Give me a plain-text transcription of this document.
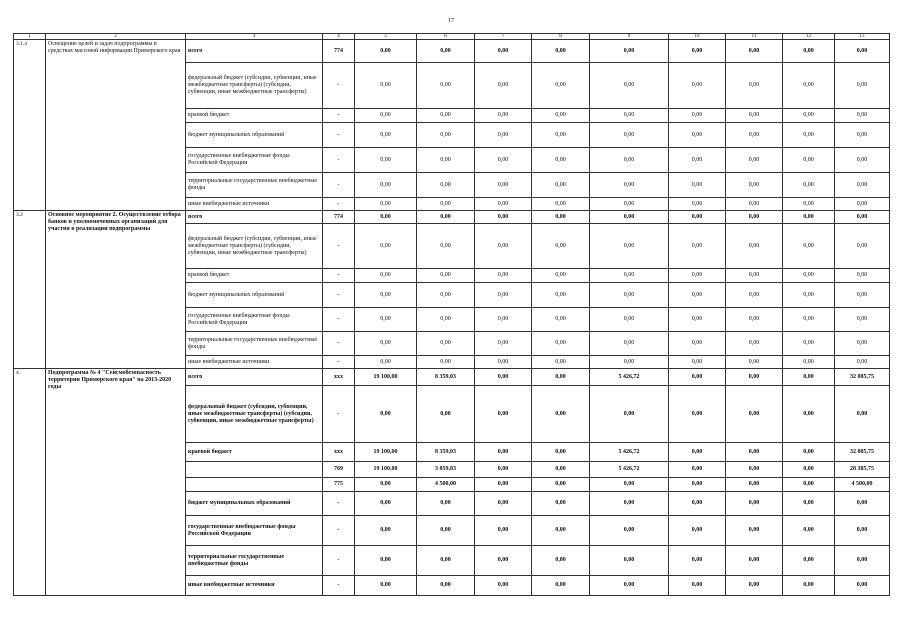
17
1	2	3	4	5	6	7	8	9	10	11	12	13
3.1.4	Освещение целей и задач подпрограммы в средствах массовой информации Приморского края	всего	774	0,00	0,00	0,00	0,00	0,00	0,00	0,00	0,00	0,00
		федеральный бюджет (субсидии, субвенции, иные межбюджетные трансферты) (субсидии, субвенции, иные межбюджетные трансферты)	-	0,00	0,00	0,00	0,00	0,00	0,00	0,00	0,00	0,00
		краевой бюджет	-	0,00	0,00	0,00	0,00	0,00	0,00	0,00	0,00	0,00
		бюджет муниципальных образований	-	0,00	0,00	0,00	0,00	0,00	0,00	0,00	0,00	0,00
		государственные внебюджетные фонды Российской Федерации	-	0,00	0,00	0,00	0,00	0,00	0,00	0,00	0,00	0,00
		территориальные государственные внебюджетные фонды	-	0,00	0,00	0,00	0,00	0,00	0,00	0,00	0,00	0,00
		иные внебюджетные источники	-	0,00	0,00	0,00	0,00	0,00	0,00	0,00	0,00	0,00
3.2	Основное мероприятие 2. Осуществление отбора банков и уполномоченных организаций для участия в реализации подпрограммы	всего	774	0,00	0,00	0,00	0,00	0,00	0,00	0,00	0,00	0,00
		федеральный бюджет (субсидии, субвенции, иные межбюджетные трансферты) (субсидии, субвенции, иные межбюджетные трансферты)	-	0,00	0,00	0,00	0,00	0,00	0,00	0,00	0,00	0,00
		краевой бюджет	-	0,00	0,00	0,00	0,00	0,00	0,00	0,00	0,00	0,00
		бюджет муниципальных образований	-	0,00	0,00	0,00	0,00	0,00	0,00	0,00	0,00	0,00
		государственные внебюджетные фонды Российской Федерации	-	0,00	0,00	0,00	0,00	0,00	0,00	0,00	0,00	0,00
		территориальные государственные внебюджетные фонды	-	0,00	0,00	0,00	0,00	0,00	0,00	0,00	0,00	0,00
		иные внебюджетные источники	-	0,00	0,00	0,00	0,00	0,00	0,00	0,00	0,00	0,00
4.	Подпрограмма № 4 "Сейсмобезопасность территории Приморского края" на 2013-2020 годы	всего	xxx	19 100,00	8 359,03	0,00	0,00	5 426,72	0,00	0,00	0,00	32 885,75
		федеральный бюджет (субсидии, субвенции, иные межбюджетные трансферты) (субсидии, субвенции, иные межбюджетные трансферты)	-	0,00	0,00	0,00	0,00	0,00	0,00	0,00	0,00	0,00
		краевой бюджет	xxx	19 100,00	8 359,03	0,00	0,00	5 426,72	0,00	0,00	0,00	32 885,75
			769	19 100,00	3 859,03	0,00	0,00	5 426,72	0,00	0,00	0,00	28 385,75
			775	0,00	4 500,00	0,00	0,00	0,00	0,00	0,00	0,00	4 500,00
		бюджет муниципальных образований	-	0,00	0,00	0,00	0,00	0,00	0,00	0,00	0,00	0,00
		государственные внебюджетные фонды Российской Федерации	-	0,00	0,00	0,00	0,00	0,00	0,00	0,00	0,00	0,00
		территориальные государственные внебюджетные фонды	-	0,00	0,00	0,00	0,00	0,00	0,00	0,00	0,00	0,00
		иные внебюджетные источники	-	0,00	0,00	0,00	0,00	0,00	0,00	0,00	0,00	0,00
